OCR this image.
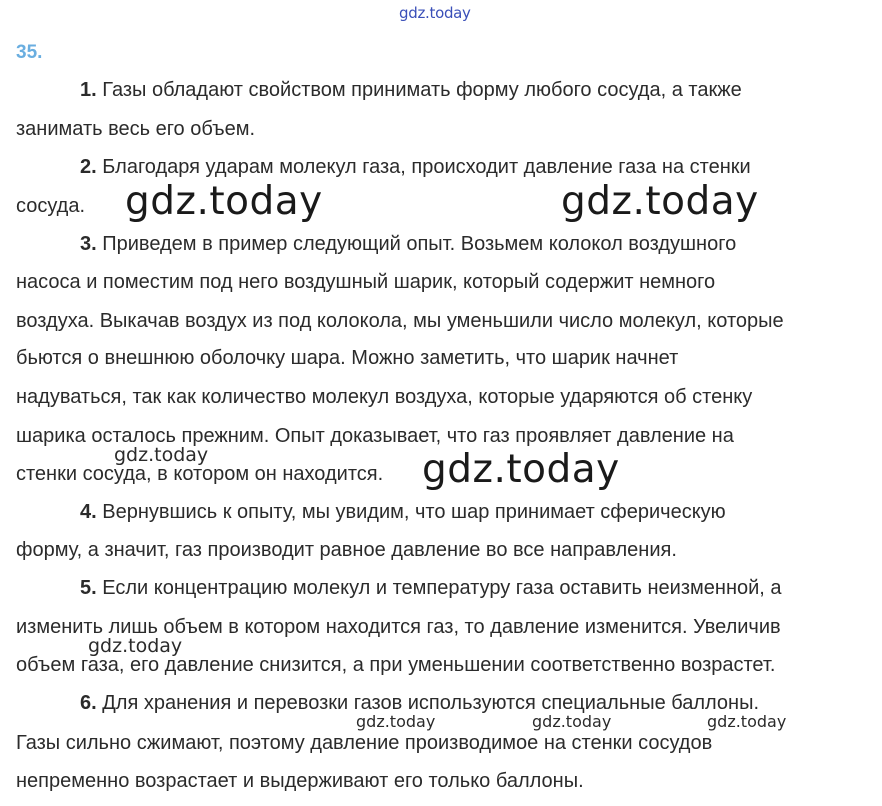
gdz.today
35.
1. Газы обладают свойством принимать форму любого сосуда, а также
занимать весь его объем.
2. Благодаря ударам молекул газа, происходит давление газа на стенки
сосуда.
3. Приведем в пример следующий опыт. Возьмем колокол воздушного
насоса и поместим под него воздушный шарик, который содержит немного
воздуха. Выкачав воздух из под колокола, мы уменьшили число молекул, которые
бьются о внешнюю оболочку шара. Можно заметить, что шарик начнет
надуваться, так как количество молекул воздуха, которые ударяются об стенку
шарика осталось прежним. Опыт доказывает, что газ проявляет давление на
стенки сосуда, в котором он находится.
4. Вернувшись к опыту, мы увидим, что шар принимает сферическую
форму, а значит, газ производит равное давление во все направления.
5. Если концентрацию молекул и температуру газа оставить неизменной, а
изменить лишь объем в котором находится газ, то давление изменится. Увеличив
объем газа, его давление снизится, а при уменьшении соответственно возрастет.
6. Для хранения и перевозки газов используются специальные баллоны.
Газы сильно сжимают, поэтому давление производимое на стенки сосудов
непременно возрастает и выдерживают его только баллоны.
gdz.today	gdz.today
gdz.today
gdz.today
gdz.today
gdz.today	gdz.today	gdz.today
